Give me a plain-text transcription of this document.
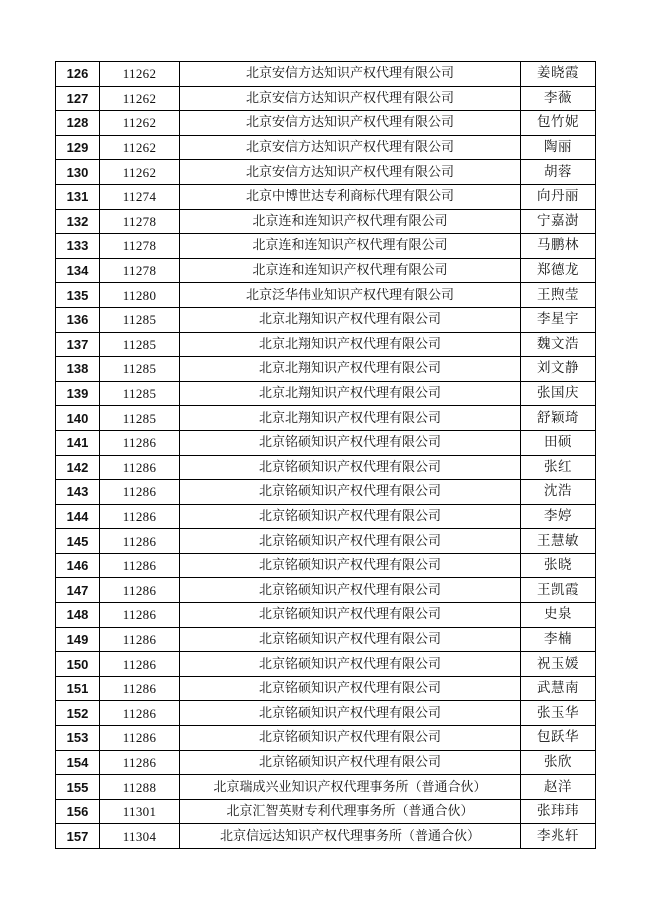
126	11262	北京安信方达知识产权代理有限公司	姜晓霞
127	11262	北京安信方达知识产权代理有限公司	李薇
128	11262	北京安信方达知识产权代理有限公司	包竹妮
129	11262	北京安信方达知识产权代理有限公司	陶丽
130	11262	北京安信方达知识产权代理有限公司	胡蓉
131	11274	北京中博世达专利商标代理有限公司	向丹丽
132	11278	北京连和连知识产权代理有限公司	宁嘉澍
133	11278	北京连和连知识产权代理有限公司	马鹏林
134	11278	北京连和连知识产权代理有限公司	郑德龙
135	11280	北京泛华伟业知识产权代理有限公司	王煦莹
136	11285	北京北翔知识产权代理有限公司	李星宇
137	11285	北京北翔知识产权代理有限公司	魏文浩
138	11285	北京北翔知识产权代理有限公司	刘文静
139	11285	北京北翔知识产权代理有限公司	张国庆
140	11285	北京北翔知识产权代理有限公司	舒颖琦
141	11286	北京铭硕知识产权代理有限公司	田硕
142	11286	北京铭硕知识产权代理有限公司	张红
143	11286	北京铭硕知识产权代理有限公司	沈浩
144	11286	北京铭硕知识产权代理有限公司	李婷
145	11286	北京铭硕知识产权代理有限公司	王慧敏
146	11286	北京铭硕知识产权代理有限公司	张晓
147	11286	北京铭硕知识产权代理有限公司	王凯霞
148	11286	北京铭硕知识产权代理有限公司	史泉
149	11286	北京铭硕知识产权代理有限公司	李楠
150	11286	北京铭硕知识产权代理有限公司	祝玉媛
151	11286	北京铭硕知识产权代理有限公司	武慧南
152	11286	北京铭硕知识产权代理有限公司	张玉华
153	11286	北京铭硕知识产权代理有限公司	包跃华
154	11286	北京铭硕知识产权代理有限公司	张欣
155	11288	北京瑞成兴业知识产权代理事务所（普通合伙）	赵洋
156	11301	北京汇智英财专利代理事务所（普通合伙）	张玮玮
157	11304	北京信远达知识产权代理事务所（普通合伙）	李兆轩
